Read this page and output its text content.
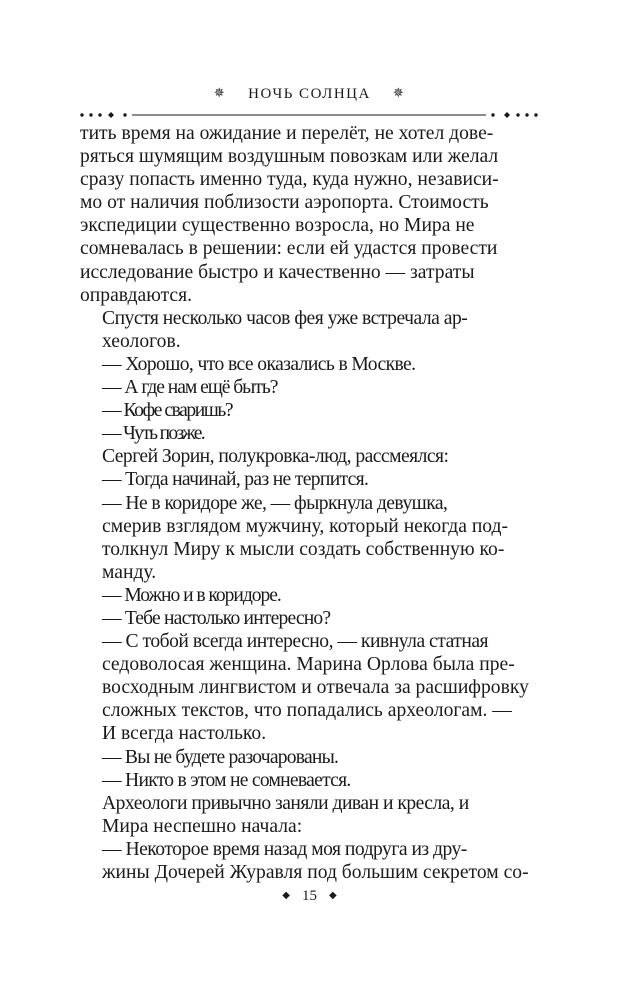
✵ НОЧЬ СОЛНЦА ✵

тить время на ожидание и перелёт, не хотел дове-
ряться шумящим воздушным повозкам или желал
сразу попасть именно туда, куда нужно, независи-
мо от наличия поблизости аэропорта. Стоимость
экспедиции существенно возросла, но Мира не
сомневалась в решении: если ей удастся провести
исследование быстро и качественно — затраты
оправдаются.

Спустя несколько часов фея уже встречала ар-
хеологов.

— Хорошо, что все оказались в Москве.

— А где нам ещё быть?

— Кофе сваришь?

— Чуть позже.

Сергей Зорин, полукровка-люд, рассмеялся:

— Тогда начинай, раз не терпится.

— Не в коридоре же, — фыркнула девушка,
смерив взглядом мужчину, который некогда под-
толкнул Миру к мысли создать собственную ко-
манду.

— Можно и в коридоре.

— Тебе настолько интересно?

— С тобой всегда интересно, — кивнула статная
седоволосая женщина. Марина Орлова была пре-
восходным лингвистом и отвечала за расшифровку
сложных текстов, что попадались археологам. —
И всегда настолько.

— Вы не будете разочарованы.

— Никто в этом не сомневается.

Археологи привычно заняли диван и кресла, и
Мира неспешно начала:

— Некоторое время назад моя подруга из дру-
жины Дочерей Журавля под большим секретом со-

◆ 15 ◆
